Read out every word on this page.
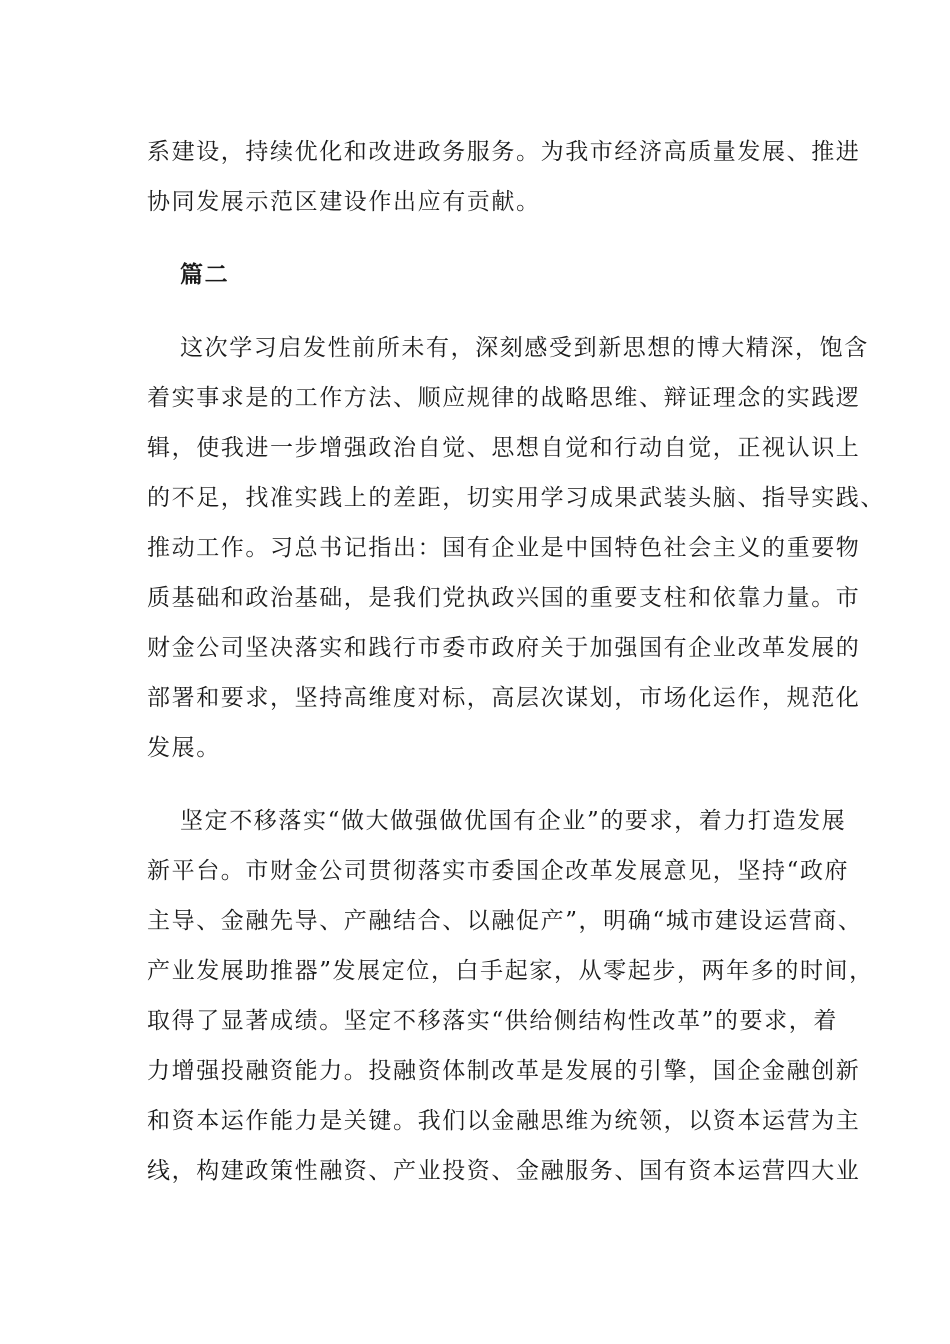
系建设，持续优化和改进政务服务。为我市经济高质量发展、推进
协同发展示范区建设作出应有贡献。
篇二
这次学习启发性前所未有，深刻感受到新思想的博大精深，饱含
着实事求是的工作方法、顺应规律的战略思维、辩证理念的实践逻
辑，使我进一步增强政治自觉、思想自觉和行动自觉，正视认识上
的不足，找准实践上的差距，切实用学习成果武装头脑、指导实践、
推动工作。习总书记指出：国有企业是中国特色社会主义的重要物
质基础和政治基础，是我们党执政兴国的重要支柱和依靠力量。市
财金公司坚决落实和践行市委市政府关于加强国有企业改革发展的
部署和要求，坚持高维度对标，高层次谋划，市场化运作，规范化
发展。
坚定不移落实“做大做强做优国有企业”的要求，着力打造发展
新平台。市财金公司贯彻落实市委国企改革发展意见，坚持“政府
主导、金融先导、产融结合、以融促产”，明确“城市建设运营商、
产业发展助推器”发展定位，白手起家，从零起步，两年多的时间，
取得了显著成绩。坚定不移落实“供给侧结构性改革”的要求，着
力增强投融资能力。投融资体制改革是发展的引擎，国企金融创新
和资本运作能力是关键。我们以金融思维为统领，以资本运营为主
线，构建政策性融资、产业投资、金融服务、国有资本运营四大业
